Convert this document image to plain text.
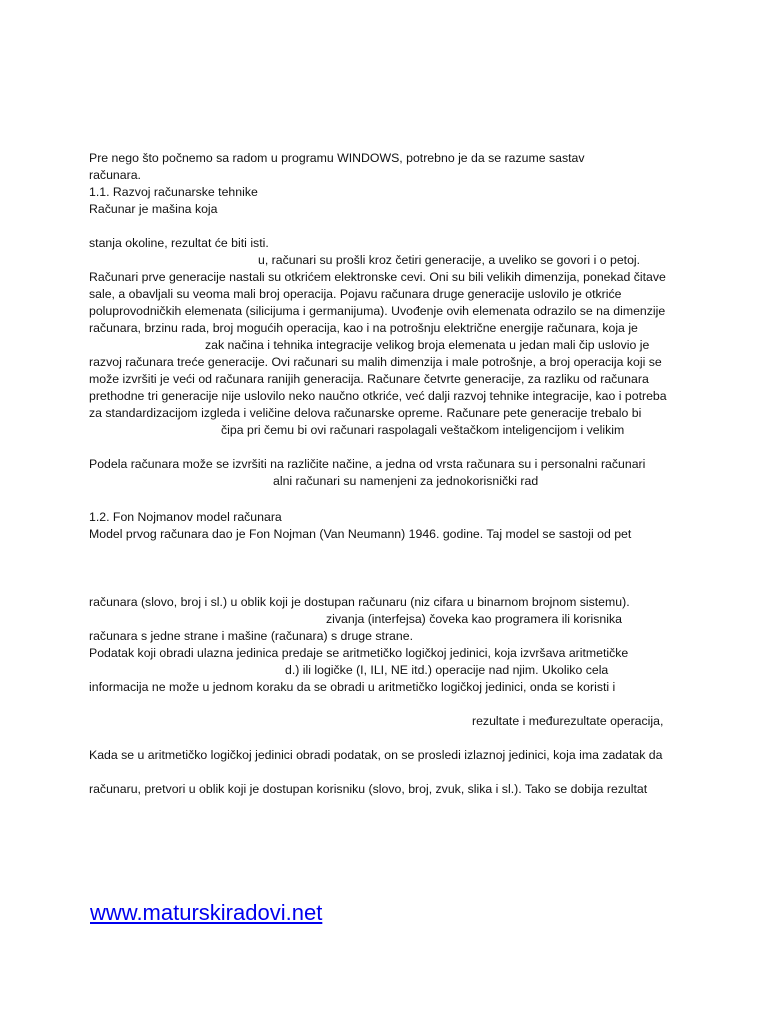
Pre nego što počnemo sa radom u programu WINDOWS, potrebno je da se razume sastav
računara.
1.1. Razvoj računarske tehnike
Računar je mašina koja
stanja okoline, rezultat će biti isti.
u, računari su prošli kroz četiri generacije, a uveliko se govori i o petoj.
Računari prve generacije nastali su otkrićem elektronske cevi. Oni su bili velikih dimenzija, ponekad čitave
sale, a obavljali su veoma mali broj operacija. Pojavu računara druge generacije uslovilo je otkriće
poluprovodničkih elemenata (silicijuma i germanijuma). Uvođenje ovih elemenata odrazilo se na dimenzije
računara, brzinu rada, broj mogućih operacija, kao i na potrošnju električne energije računara, koja je
zak načina i tehnika integracije velikog broja elemenata u jedan mali čip uslovio je
razvoj računara treće generacije. Ovi računari su malih dimenzija i male potrošnje, a broj operacija koji se
može izvršiti je veći od računara ranijih generacija. Računare četvrte generacije, za razliku od računara
prethodne tri generacije nije uslovilo neko naučno otkriće, već dalji razvoj tehnike integracije, kao i potreba
za standardizacijom izgleda i veličine delova računarske opreme. Računare pete generacije trebalo bi
čipa pri čemu bi ovi računari raspolagali veštačkom inteligencijom i velikim
Podela računara može se izvršiti na različite načine, a jedna od vrsta računara su i personalni računari
alni računari su namenjeni za jednokorisnički rad
1.2. Fon Nojmanov model računara
Model prvog računara dao je Fon Nojman (Van Neumann) 1946. godine. Taj model se sastoji od pet
računara (slovo, broj i sl.) u oblik koji je dostupan računaru (niz cifara u binarnom brojnom sistemu).
zivanja (interfejsa) čoveka kao programera ili korisnika
računara s jedne strane i mašine (računara) s druge strane.
Podatak koji obradi ulazna jedinica predaje se aritmetičko logičkoj jedinici, koja izvršava aritmetičke
d.) ili logičke (I, ILI, NE itd.) operacije nad njim. Ukoliko cela
informacija ne može u jednom koraku da se obradi u aritmetičko logičkoj jedinici, onda se koristi i
rezultate i međurezultate operacija,
Kada se u aritmetičko logičkoj jedinici obradi podatak, on se prosledi izlaznoj jedinici, koja ima zadatak da
računaru, pretvori u oblik koji je dostupan korisniku (slovo, broj, zvuk, slika i sl.). Tako se dobija rezultat
www.maturskiradovi.net
